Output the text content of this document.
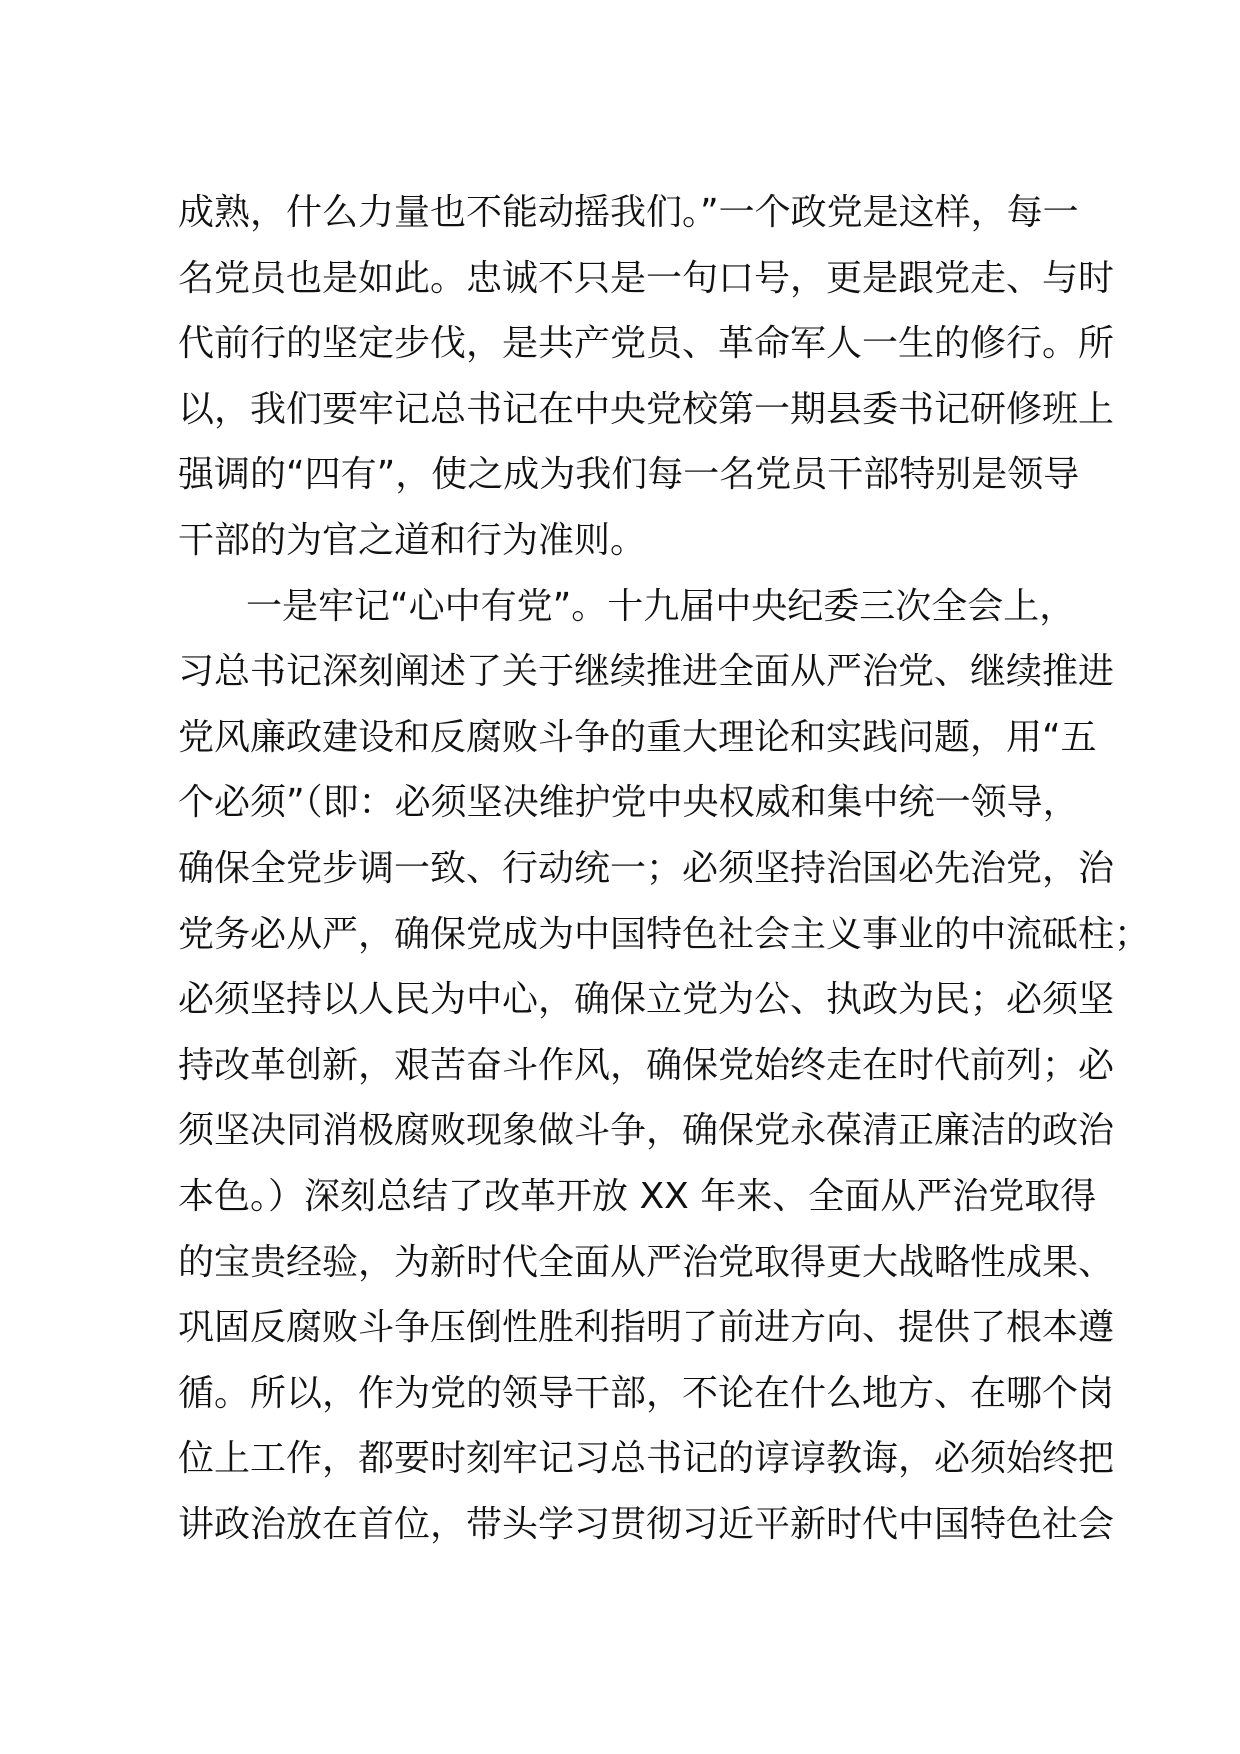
成熟，什么力量也不能动摇我们。”一个政党是这样，每一
名党员也是如此。忠诚不只是一句口号，更是跟党走、与时
代前行的坚定步伐，是共产党员、革命军人一生的修行。所
以，我们要牢记总书记在中央党校第一期县委书记研修班上
强调的“四有”，使之成为我们每一名党员干部特别是领导
干部的为官之道和行为准则。
一是牢记“心中有党”。十九届中央纪委三次全会上，
习总书记深刻阐述了关于继续推进全面从严治党、继续推进
党风廉政建设和反腐败斗争的重大理论和实践问题，用“五
个必须”（即：必须坚决维护党中央权威和集中统一领导，
确保全党步调一致、行动统一；必须坚持治国必先治党，治
党务必从严，确保党成为中国特色社会主义事业的中流砥柱；
必须坚持以人民为中心，确保立党为公、执政为民；必须坚
持改革创新，艰苦奋斗作风，确保党始终走在时代前列；必
须坚决同消极腐败现象做斗争，确保党永葆清正廉洁的政治
本色。）深刻总结了改革开放 XX 年来、全面从严治党取得
的宝贵经验，为新时代全面从严治党取得更大战略性成果、
巩固反腐败斗争压倒性胜利指明了前进方向、提供了根本遵
循。所以，作为党的领导干部，不论在什么地方、在哪个岗
位上工作，都要时刻牢记习总书记的谆谆教诲，必须始终把
讲政治放在首位，带头学习贯彻习近平新时代中国特色社会
